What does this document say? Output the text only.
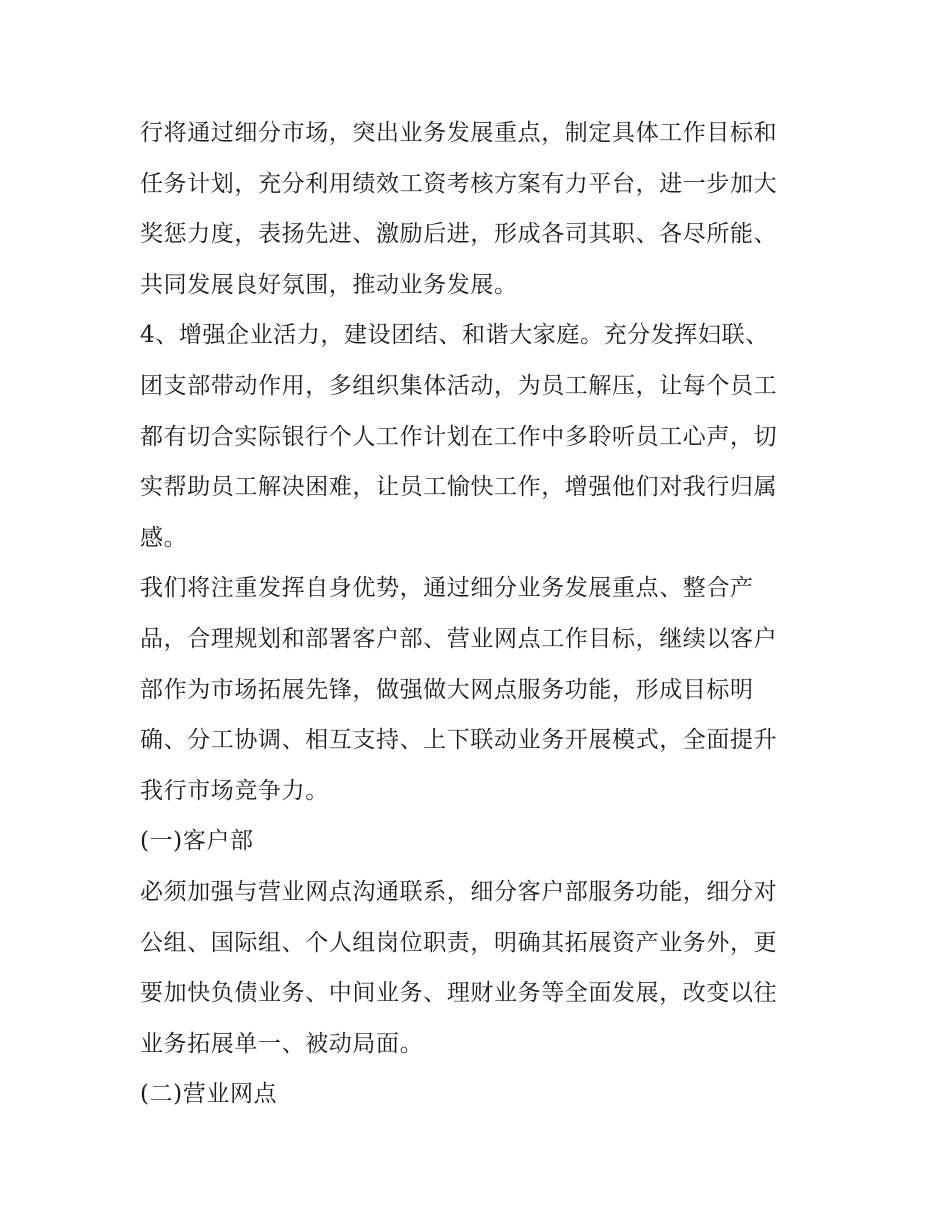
行将通过细分市场，突出业务发展重点，制定具体工作目标和
任务计划，充分利用绩效工资考核方案有力平台，进一步加大
奖惩力度，表扬先进、激励后进，形成各司其职、各尽所能、
共同发展良好氛围，推动业务发展。
4、增强企业活力，建设团结、和谐大家庭。充分发挥妇联、
团支部带动作用，多组织集体活动，为员工解压，让每个员工
都有切合实际银行个人工作计划在工作中多聆听员工心声，切
实帮助员工解决困难，让员工愉快工作，增强他们对我行归属
感。
我们将注重发挥自身优势，通过细分业务发展重点、整合产
品，合理规划和部署客户部、营业网点工作目标，继续以客户
部作为市场拓展先锋，做强做大网点服务功能，形成目标明
确、分工协调、相互支持、上下联动业务开展模式，全面提升
我行市场竞争力。
(一)客户部
必须加强与营业网点沟通联系，细分客户部服务功能，细分对
公组、国际组、个人组岗位职责，明确其拓展资产业务外，更
要加快负债业务、中间业务、理财业务等全面发展，改变以往
业务拓展单一、被动局面。
(二)营业网点
